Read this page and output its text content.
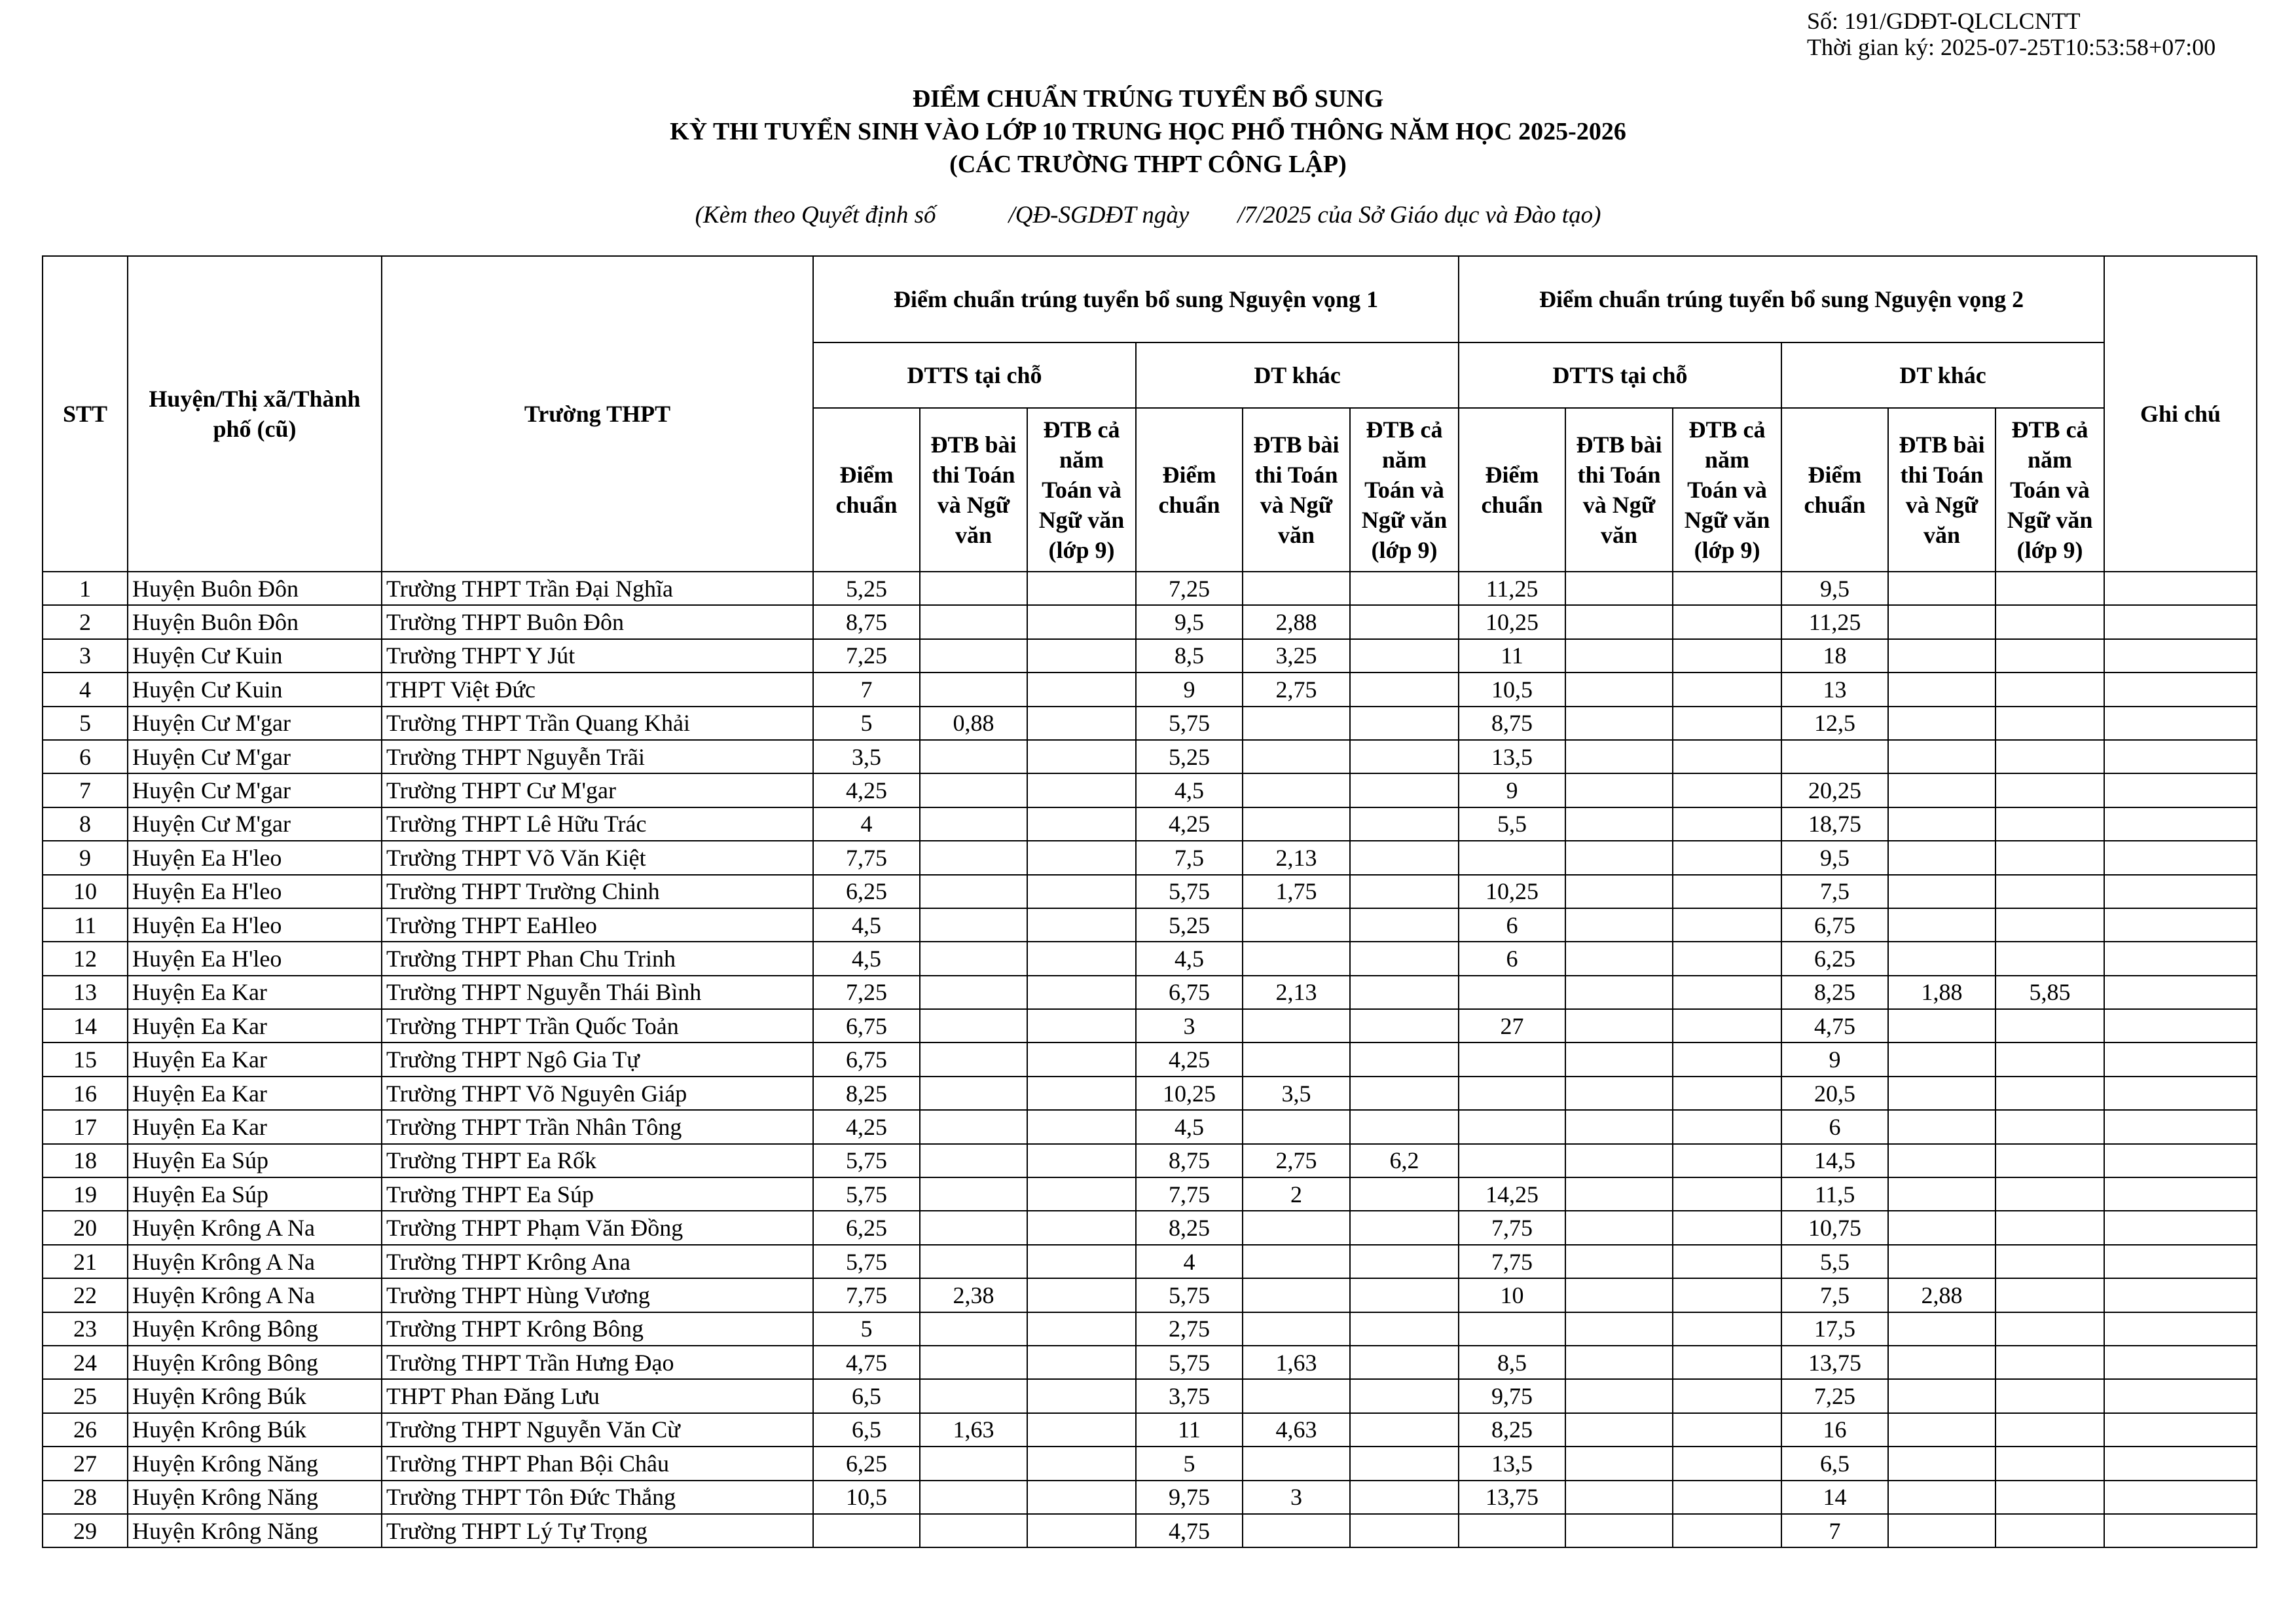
Số: 191/GDĐT-QLCLCNTT
Thời gian ký: 2025-07-25T10:53:58+07:00
ĐIỂM CHUẨN TRÚNG TUYỂN BỔ SUNG
KỲ THI TUYỂN SINH VÀO LỚP 10 TRUNG HỌC PHỔ THÔNG NĂM HỌC 2025-2026
(CÁC TRƯỜNG THPT CÔNG LẬP)
(Kèm theo Quyết định số            /QĐ-SGDĐT ngày        /7/2025 của Sở Giáo dục và Đào tạo)
STT	Huyện/Thị xã/Thành phố (cũ)	Trường THPT	Điểm chuẩn trúng tuyển bổ sung Nguyện vọng 1						Điểm chuẩn trúng tuyển bổ sung Nguyện vọng 2						Ghi chú
			DTTS tại chỗ			DT khác			DTTS tại chỗ			DT khác			
			Điểm chuẩn	ĐTB bài thi Toán và Ngữ văn	ĐTB cả năm Toán và Ngữ văn (lớp 9)	Điểm chuẩn	ĐTB bài thi Toán và Ngữ văn	ĐTB cả năm Toán và Ngữ văn (lớp 9)	Điểm chuẩn	ĐTB bài thi Toán và Ngữ văn	ĐTB cả năm Toán và Ngữ văn (lớp 9)	Điểm chuẩn	ĐTB bài thi Toán và Ngữ văn	ĐTB cả năm Toán và Ngữ văn (lớp 9)	
1	Huyện Buôn Đôn	Trường THPT Trần Đại Nghĩa	5,25			7,25			11,25			9,5			
2	Huyện Buôn Đôn	Trường THPT Buôn Đôn	8,75			9,5	2,88		10,25			11,25			
3	Huyện Cư Kuin	Trường THPT Y Jút	7,25			8,5	3,25		11			18			
4	Huyện Cư Kuin	THPT Việt Đức	7			9	2,75		10,5			13			
5	Huyện Cư M'gar	Trường THPT Trần Quang Khải	5	0,88		5,75			8,75			12,5			
6	Huyện Cư M'gar	Trường THPT Nguyễn Trãi	3,5			5,25			13,5						
7	Huyện Cư M'gar	Trường THPT Cư M'gar	4,25			4,5			9			20,25			
8	Huyện Cư M'gar	Trường THPT Lê Hữu Trác	4			4,25			5,5			18,75			
9	Huyện Ea H'leo	Trường THPT Võ Văn Kiệt	7,75			7,5	2,13					9,5			
10	Huyện Ea H'leo	Trường THPT Trường Chinh	6,25			5,75	1,75		10,25			7,5			
11	Huyện Ea H'leo	Trường THPT EaHleo	4,5			5,25			6			6,75			
12	Huyện Ea H'leo	Trường THPT Phan Chu Trinh	4,5			4,5			6			6,25			
13	Huyện Ea Kar	Trường THPT Nguyễn Thái Bình	7,25			6,75	2,13					8,25	1,88	5,85	
14	Huyện Ea Kar	Trường THPT Trần Quốc Toản	6,75			3			27			4,75			
15	Huyện Ea Kar	Trường THPT Ngô Gia Tự	6,75			4,25						9			
16	Huyện Ea Kar	Trường THPT Võ Nguyên Giáp	8,25			10,25	3,5					20,5			
17	Huyện Ea Kar	Trường THPT Trần Nhân Tông	4,25			4,5						6			
18	Huyện Ea Súp	Trường THPT Ea Rốk	5,75			8,75	2,75	6,2				14,5			
19	Huyện Ea Súp	Trường THPT Ea Súp	5,75			7,75	2		14,25			11,5			
20	Huyện Krông A Na	Trường THPT Phạm Văn Đồng	6,25			8,25			7,75			10,75			
21	Huyện Krông A Na	Trường THPT Krông Ana	5,75			4			7,75			5,5			
22	Huyện Krông A Na	Trường THPT Hùng Vương	7,75	2,38		5,75			10			7,5	2,88		
23	Huyện Krông Bông	Trường THPT Krông Bông	5			2,75						17,5			
24	Huyện Krông Bông	Trường THPT Trần Hưng Đạo	4,75			5,75	1,63		8,5			13,75			
25	Huyện Krông Búk	THPT Phan Đăng Lưu	6,5			3,75			9,75			7,25			
26	Huyện Krông Búk	Trường THPT Nguyễn Văn Cừ	6,5	1,63		11	4,63		8,25			16			
27	Huyện Krông Năng	Trường THPT Phan Bội Châu	6,25			5			13,5			6,5			
28	Huyện Krông Năng	Trường THPT Tôn Đức Thắng	10,5			9,75	3		13,75			14			
29	Huyện Krông Năng	Trường THPT Lý Tự Trọng				4,75						7			
